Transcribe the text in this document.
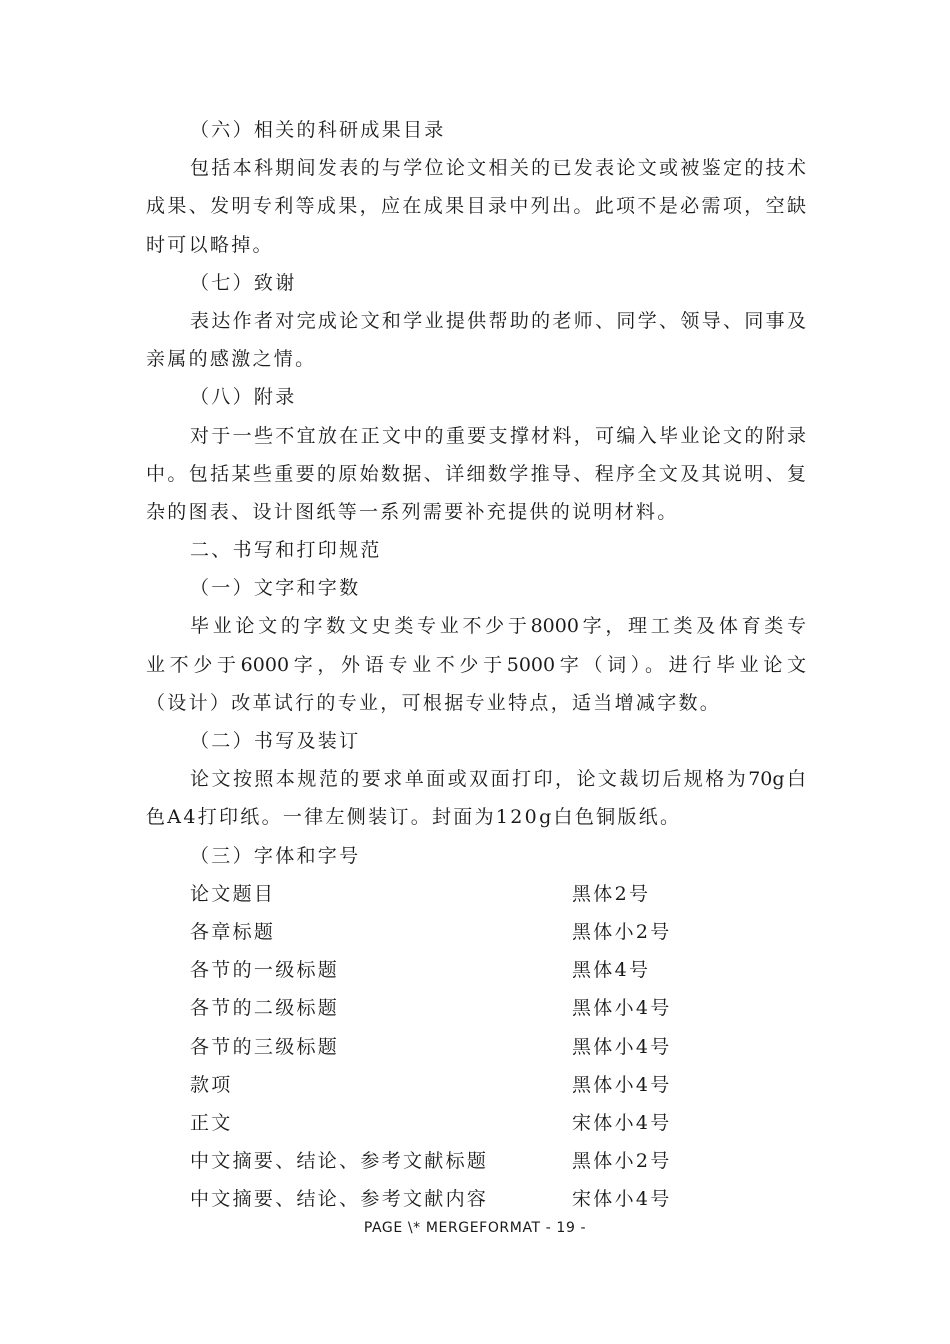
（六）相关的科研成果目录
包括本科期间发表的与学位论文相关的已发表论文或被鉴定的技术
成果、发明专利等成果，应在成果目录中列出。此项不是必需项，空缺
时可以略掉。
（七）致谢
表达作者对完成论文和学业提供帮助的老师、同学、领导、同事及
亲属的感激之情。
（八）附录
对于一些不宜放在正文中的重要支撑材料，可编入毕业论文的附录
中。包括某些重要的原始数据、详细数学推导、程序全文及其说明、复
杂的图表、设计图纸等一系列需要补充提供的说明材料。
二、书写和打印规范
（一）文字和字数
毕业论文的字数文史类专业不少于8000字，理工类及体育类专
业不少于6000字，外语专业不少于5000字（词）。进行毕业论文
（设计）改革试行的专业，可根据专业特点，适当增减字数。
（二）书写及装订
论文按照本规范的要求单面或双面打印，论文裁切后规格为70g白
色A4打印纸。一律左侧装订。封面为120g白色铜版纸。
（三）字体和字号
论文题目	黑体2号
各章标题	黑体小2号
各节的一级标题	黑体4号
各节的二级标题	黑体小4号
各节的三级标题	黑体小4号
款项	黑体小4号
正文	宋体小4号
中文摘要、结论、参考文献标题	黑体小2号
中文摘要、结论、参考文献内容	宋体小4号
PAGE \* MERGEFORMAT - 19 -
